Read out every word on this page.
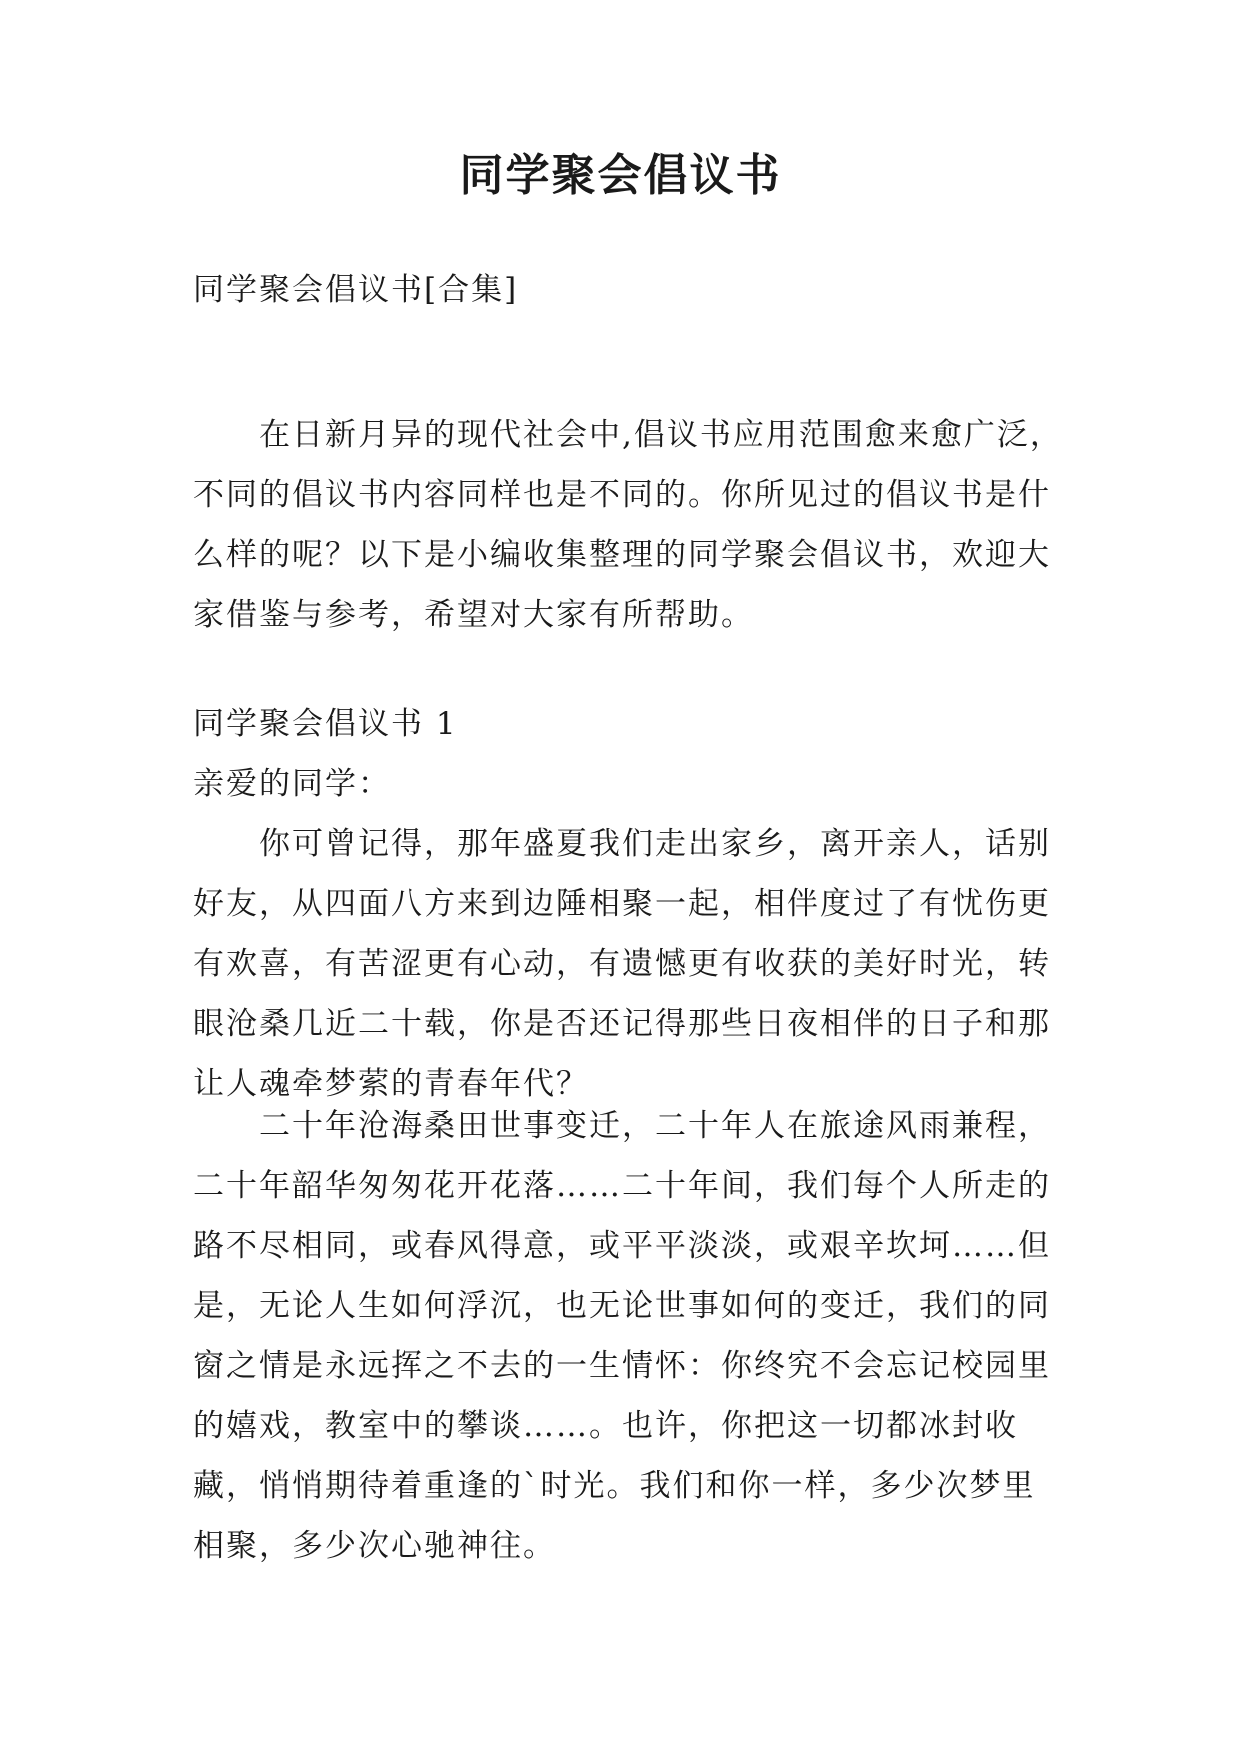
同学聚会倡议书

同学聚会倡议书[合集]

在日新月异的现代社会中,倡议书应用范围愈来愈广泛，不同的倡议书内容同样也是不同的。你所见过的倡议书是什么样的呢？以下是小编收集整理的同学聚会倡议书，欢迎大家借鉴与参考，希望对大家有所帮助。

同学聚会倡议书 1

亲爱的同学：

你可曾记得，那年盛夏我们走出家乡，离开亲人，话别好友，从四面八方来到边陲相聚一起，相伴度过了有忧伤更有欢喜，有苦涩更有心动，有遗憾更有收获的美好时光，转眼沧桑几近二十载，你是否还记得那些日夜相伴的日子和那让人魂牵梦萦的青春年代？

二十年沧海桑田世事变迁，二十年人在旅途风雨兼程，二十年韶华匆匆花开花落……二十年间，我们每个人所走的路不尽相同，或春风得意，或平平淡淡，或艰辛坎坷……但是，无论人生如何浮沉，也无论世事如何的变迁，我们的同窗之情是永远挥之不去的一生情怀：你终究不会忘记校园里的嬉戏，教室中的攀谈……。也许，你把这一切都冰封收藏，悄悄期待着重逢的`时光。我们和你一样，多少次梦里相聚，多少次心驰神往。
